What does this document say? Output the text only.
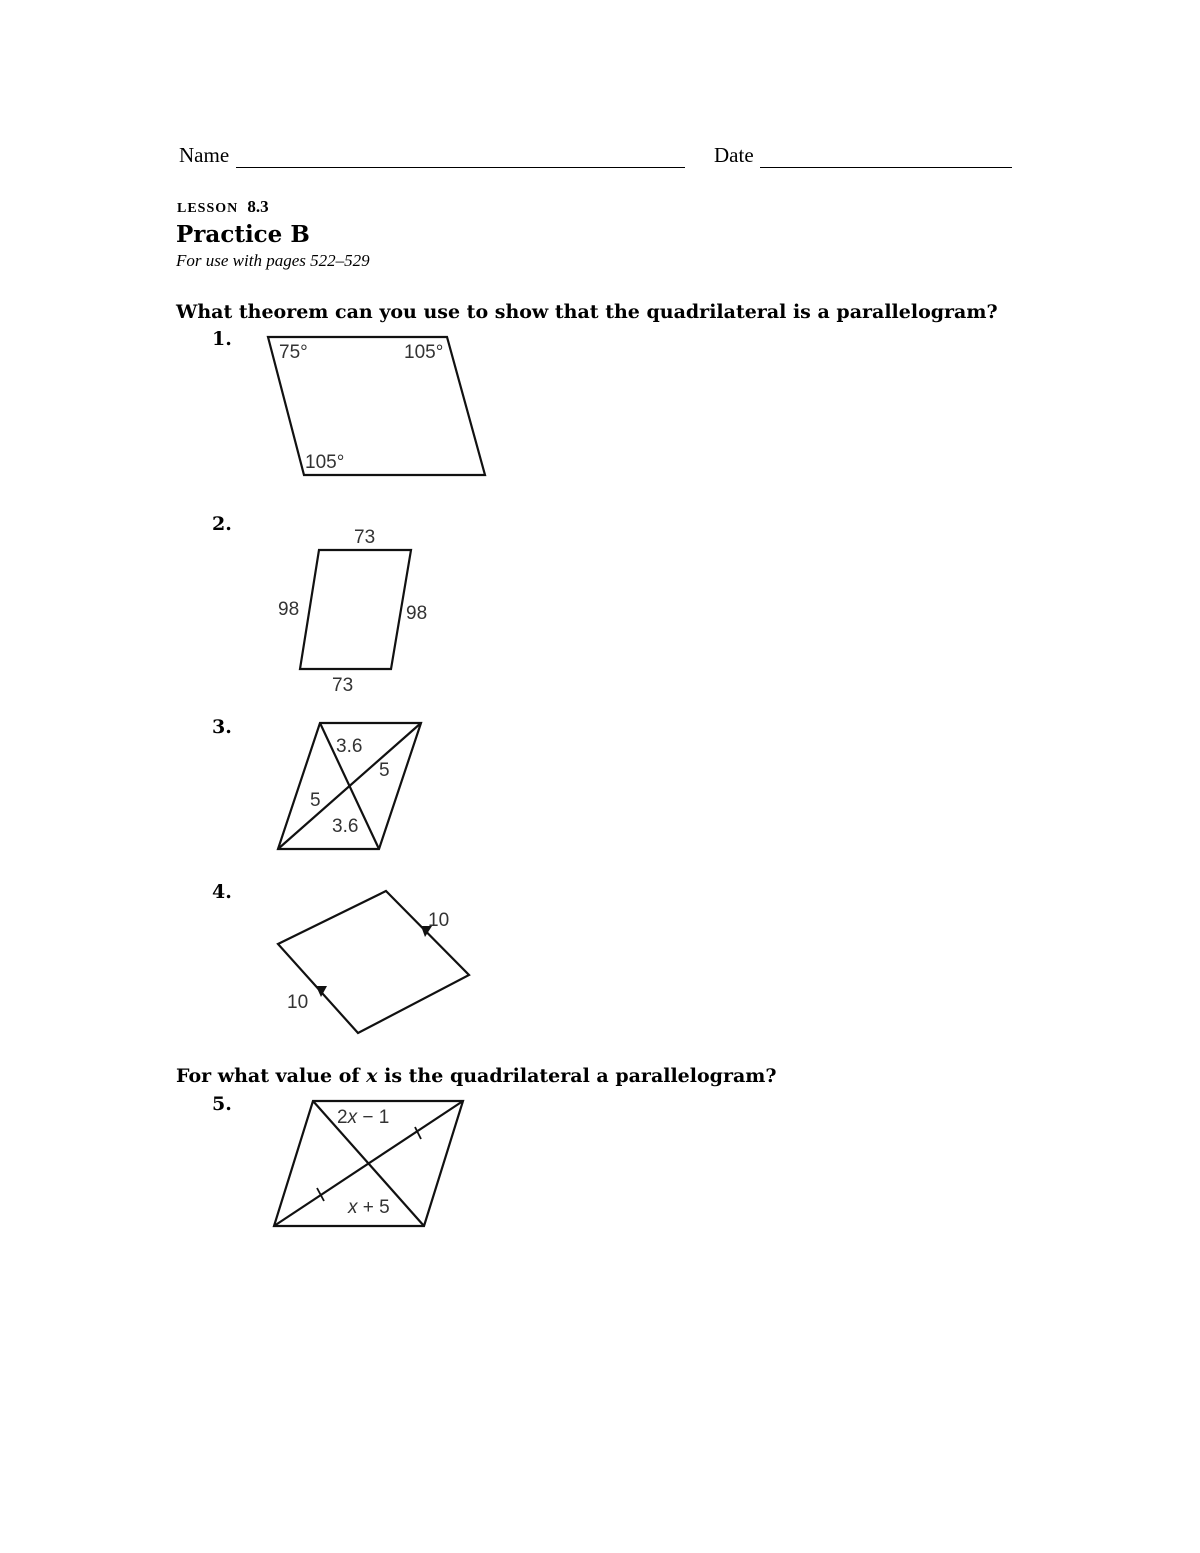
Name	Date
LESSON 8.3
Practice B
For use with pages 522–529
What theorem can you use to show that the quadrilateral is a parallelogram?
1.
75°	105°
105°
2.
73
98	98
73
3.
3.6
5
5
3.6
4.
10
10
For what value of x is the quadrilateral a parallelogram?
5.
2x − 1
x + 5
